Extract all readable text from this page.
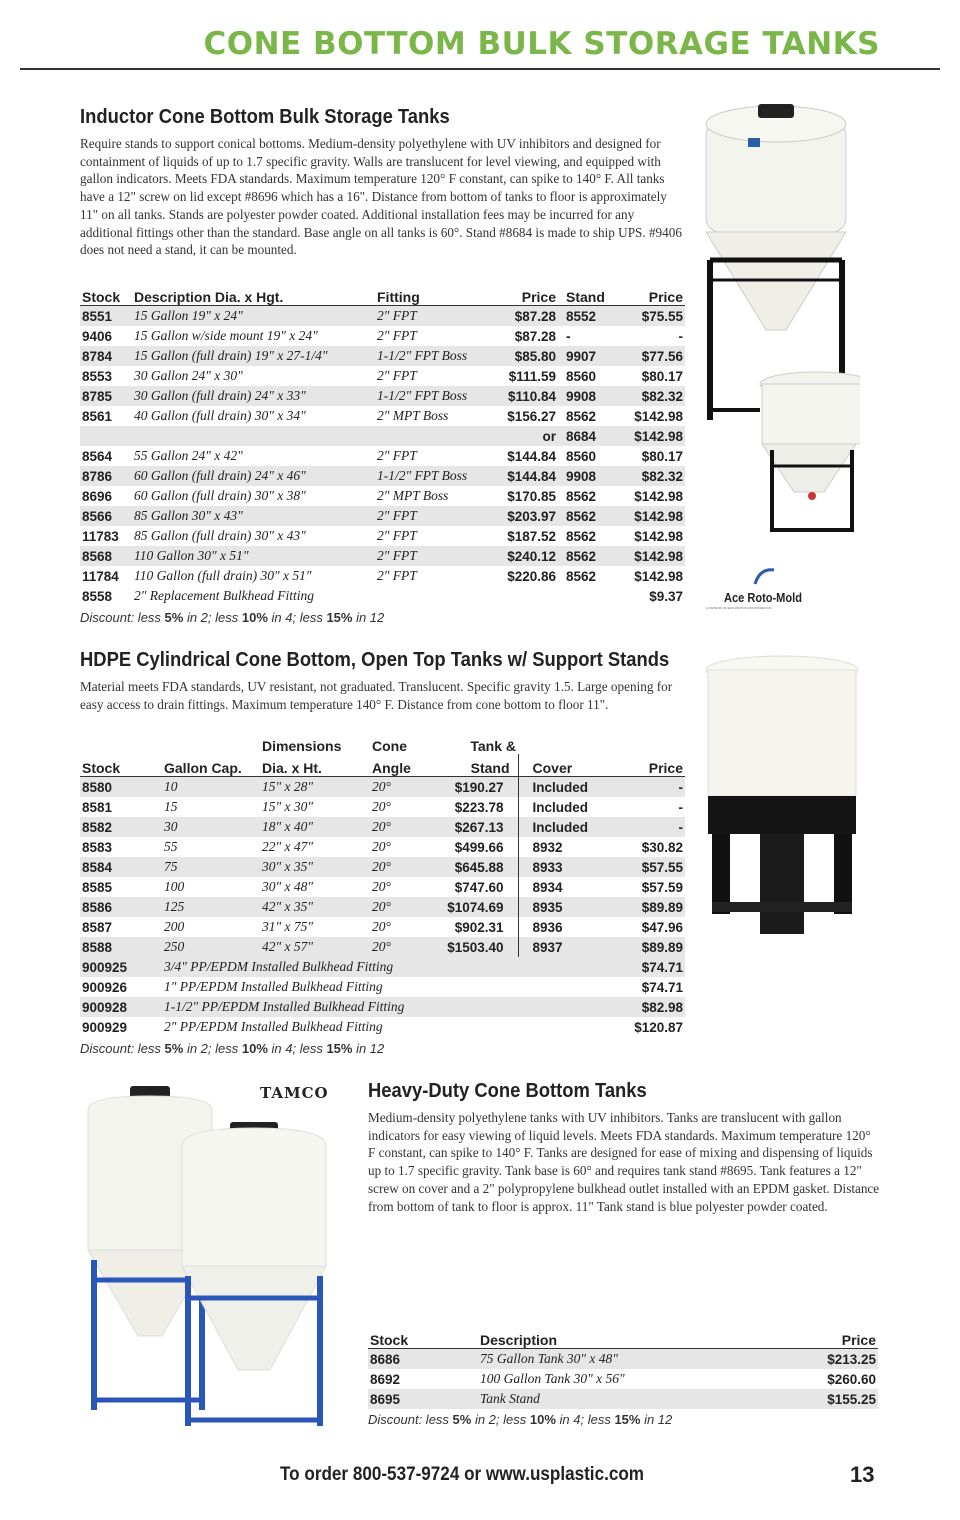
CONE BOTTOM BULK STORAGE TANKS
Inductor Cone Bottom Bulk Storage Tanks
Require stands to support conical bottoms. Medium-density polyethylene with UV inhibitors and designed for containment of liquids of up to 1.7 specific gravity. Walls are translucent for level viewing, and equipped with gallon indicators. Meets FDA standards. Maximum temperature 120° F constant, can spike to 140° F. All tanks have a 12" screw on lid except #8696 which has a 16". Distance from bottom of tanks to floor is approximately 11" on all tanks. Stands are polyester powder coated. Additional installation fees may be incurred for any additional fittings other than the standard. Base angle on all tanks is 60°. Stand #8684 is made to ship UPS. #9406 does not need a stand, it can be mounted.
Stock	Description Dia. x Hgt.	Fitting	Price	Stand	Price
8551	15 Gallon 19" x 24"	2" FPT	$87.28	8552	$75.55
9406	15 Gallon w/side mount 19" x 24"	2" FPT	$87.28	-	-
8784	15 Gallon (full drain) 19" x 27-1/4"	1-1/2" FPT Boss	$85.80	9907	$77.56
8553	30 Gallon 24" x 30"	2" FPT	$111.59	8560	$80.17
8785	30 Gallon (full drain) 24" x 33"	1-1/2" FPT Boss	$110.84	9908	$82.32
8561	40 Gallon (full drain) 30" x 34"	2" MPT Boss	$156.27	8562	$142.98
			or	8684	$142.98
8564	55 Gallon 24" x 42"	2" FPT	$144.84	8560	$80.17
8786	60 Gallon (full drain) 24" x 46"	1-1/2" FPT Boss	$144.84	9908	$82.32
8696	60 Gallon (full drain) 30" x 38"	2" MPT Boss	$170.85	8562	$142.98
8566	85 Gallon 30" x 43"	2" FPT	$203.97	8562	$142.98
11783	85 Gallon (full drain) 30" x 43"	2" FPT	$187.52	8562	$142.98
8568	110 Gallon 30" x 51"	2" FPT	$240.12	8562	$142.98
11784	110 Gallon (full drain) 30" x 51"	2" FPT	$220.86	8562	$142.98
8558	2" Replacement Bulkhead Fitting				$9.37
Discount: less 5% in 2; less 10% in 4; less 15% in 12
Ace Roto-Mold
A DIVISION OF ENV-PARTOS INDUSTRIES INC
HDPE Cylindrical Cone Bottom, Open Top Tanks w/ Support Stands
Material meets FDA standards, UV resistant, not graduated. Translucent. Specific gravity 1.5. Large opening for easy access to drain fittings. Maximum temperature 140° F. Distance from cone bottom to floor 11".
		Dimensions	Cone	Tank &		
Stock	Gallon Cap.	Dia. x Ht.	Angle	Stand	Cover	Price
8580	10	15" x 28"	20°	$190.27	Included	-
8581	15	15" x 30"	20°	$223.78	Included	-
8582	30	18" x 40"	20°	$267.13	Included	-
8583	55	22" x 47"	20°	$499.66	8932	$30.82
8584	75	30" x 35"	20°	$645.88	8933	$57.55
8585	100	30" x 48"	20°	$747.60	8934	$57.59
8586	125	42" x 35"	20°	$1074.69	8935	$89.89
8587	200	31" x 75"	20°	$902.31	8936	$47.96
8588	250	42" x 57"	20°	$1503.40	8937	$89.89
900925	3/4" PP/EPDM Installed Bulkhead Fitting					$74.71
900926	1" PP/EPDM Installed Bulkhead Fitting					$74.71
900928	1-1/2" PP/EPDM Installed Bulkhead Fitting					$82.98
900929	2" PP/EPDM Installed Bulkhead Fitting					$120.87
Discount: less 5% in 2; less 10% in 4; less 15% in 12
TAMCO Heavy-Duty Cone Bottom Tanks
Medium-density polyethylene tanks with UV inhibitors. Tanks are translucent with gallon indicators for easy viewing of liquid levels. Meets FDA standards. Maximum temperature 120° F constant, can spike to 140° F. Tanks are designed for ease of mixing and dispensing of liquids up to 1.7 specific gravity. Tank base is 60° and requires tank stand #8695. Tank features a 12" screw on cover and a 2" polypropylene bulkhead outlet installed with an EPDM gasket. Distance from bottom of tank to floor is approx. 11" Tank stand is blue polyester powder coated.
Stock	Description	Price
8686	75 Gallon Tank 30" x 48"	$213.25
8692	100 Gallon Tank 30" x 56"	$260.60
8695	Tank Stand	$155.25
Discount: less 5% in 2; less 10% in 4; less 15% in 12
To order 800-537-9724 or www.usplastic.com	13
